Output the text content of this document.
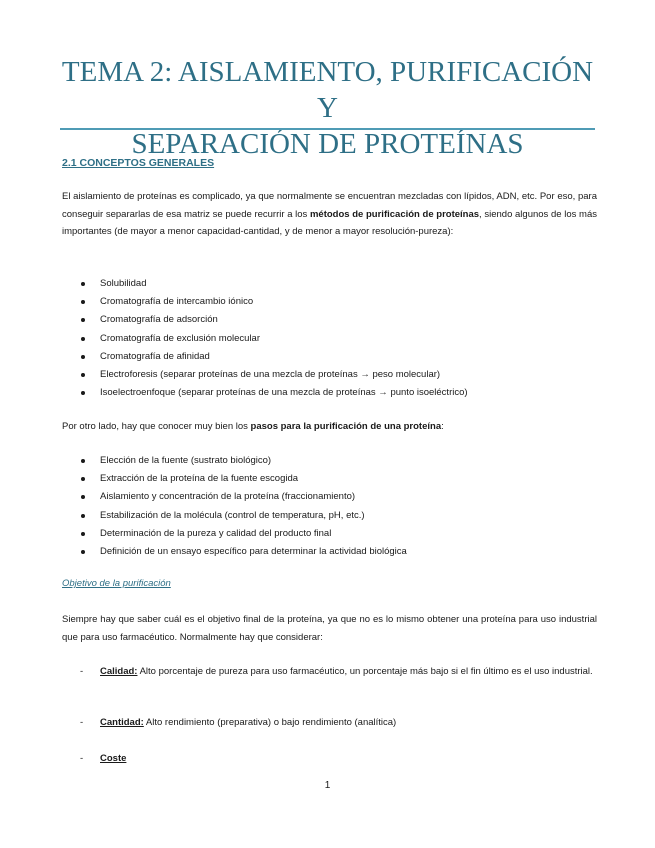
TEMA 2: AISLAMIENTO, PURIFICACIÓN Y
SEPARACIÓN DE PROTEÍNAS
2.1 CONCEPTOS GENERALES

El aislamiento de proteínas es complicado, ya que normalmente se encuentran mezcladas con lípidos, ADN, etc. Por eso, para conseguir separarlas de esa matriz se puede recurrir a los métodos de purificación de proteínas, siendo algunos de los más importantes (de mayor a menor capacidad-cantidad, y de menor a mayor resolución-pureza):

Solubilidad
Cromatografía de intercambio iónico
Cromatografía de adsorción
Cromatografía de exclusión molecular
Cromatografía de afinidad
Electroforesis (separar proteínas de una mezcla de proteínas → peso molecular)
Isoelectroenfoque (separar proteínas de una mezcla de proteínas → punto isoeléctrico)

Por otro lado, hay que conocer muy bien los pasos para la purificación de una proteína:

Elección de la fuente (sustrato biológico)
Extracción de la proteína de la fuente escogida
Aislamiento y concentración de la proteína (fraccionamiento)
Estabilización de la molécula (control de temperatura, pH, etc.)
Determinación de la pureza y calidad del producto final
Definición de un ensayo específico para determinar la actividad biológica

Objetivo de la purificación

Siempre hay que saber cuál es el objetivo final de la proteína, ya que no es lo mismo obtener una proteína para uso industrial que para uso farmacéutico. Normalmente hay que considerar:

- Calidad: Alto porcentaje de pureza para uso farmacéutico, un porcentaje más bajo si el fin último es el uso industrial.
- Cantidad: Alto rendimiento (preparativa) o bajo rendimiento (analítica)
- Coste
1
